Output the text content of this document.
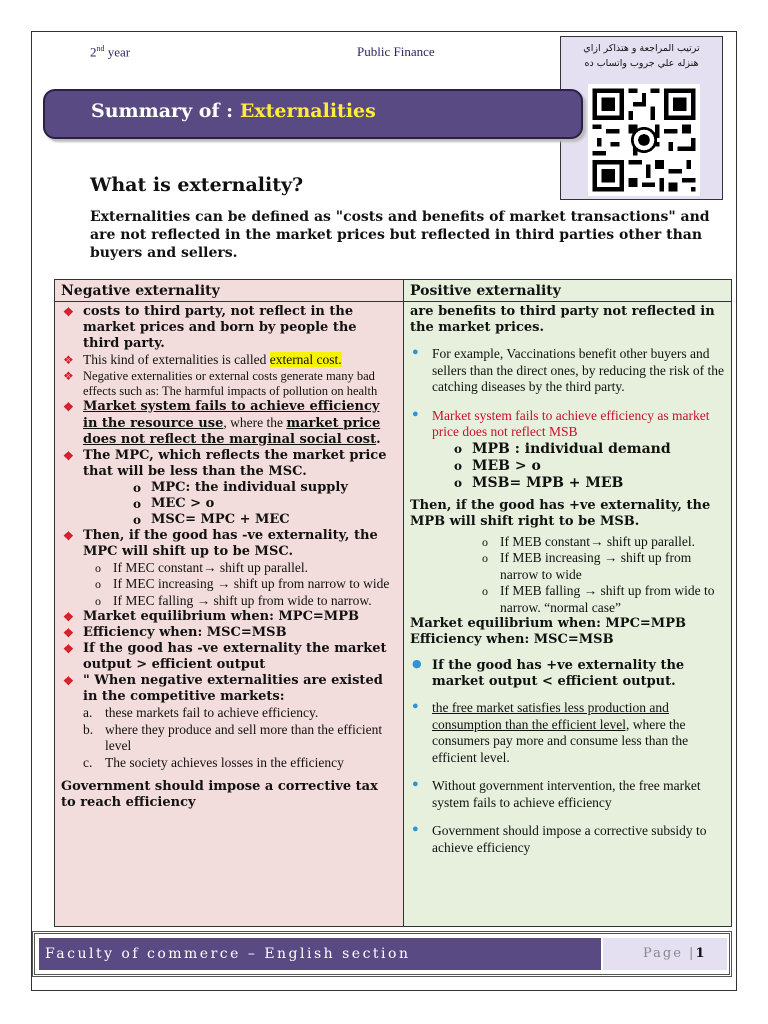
2nd year	Public Finance	ترتيب المراجعة و هتذاكر ازاي
هنزله علي جروب واتساب ده
Summary of : Externalities
What is externality?
Externalities can be defined as "costs and benefits of market transactions" and are not reflected in the market prices but reflected in third parties other than buyers and sellers.
Negative externality
❖ costs to third party, not reflect in the market prices and born by people the third party.
❖ This kind of externalities is called external cost.
❖ Negative externalities or external costs generate many bad effects such as: The harmful impacts of pollution on health
❖ Market system fails to achieve efficiency in the resource use, where the market price does not reflect the marginal social cost.
❖ The MPC, which reflects the market price that will be less than the MSC.
o MPC: the individual supply
o MEC > o
o MSC= MPC + MEC
❖ Then, if the good has -ve externality, the MPC will shift up to be MSC.
o If MEC constant→ shift up parallel.
o If MEC increasing → shift up from narrow to wide
o If MEC falling → shift up from wide to narrow.
❖ Market equilibrium when: MPC=MPB
❖ Efficiency when: MSC=MSB
❖ If the good has -ve externality the market output > efficient output
❖ " When negative externalities are existed in the competitive markets:
a. these markets fail to achieve efficiency.
b. where they produce and sell more than the efficient level
c. The society achieves losses in the efficiency
Government should impose a corrective tax to reach efficiency
Positive externality
are benefits to third party not reflected in the market prices.
● For example, Vaccinations benefit other buyers and sellers than the direct ones, by reducing the risk of the catching diseases by the third party.
● Market system fails to achieve efficiency as market price does not reflect MSB
o MPB : individual demand
o MEB > o
o MSB= MPB + MEB
Then, if the good has +ve externality, the MPB will shift right to be MSB.
o If MEB constant→ shift up parallel.
o If MEB increasing → shift up from narrow to wide
o If MEB falling → shift up from wide to narrow. “normal case”
Market equilibrium when: MPC=MPB
Efficiency when: MSC=MSB
● If the good has +ve externality the market output < efficient output.
● the free market satisfies less production and consumption than the efficient level, where the consumers pay more and consume less than the efficient level.
● Without government intervention, the free market system fails to achieve efficiency
● Government should impose a corrective subsidy to achieve efficiency
Faculty of commerce – English section	Page |1
